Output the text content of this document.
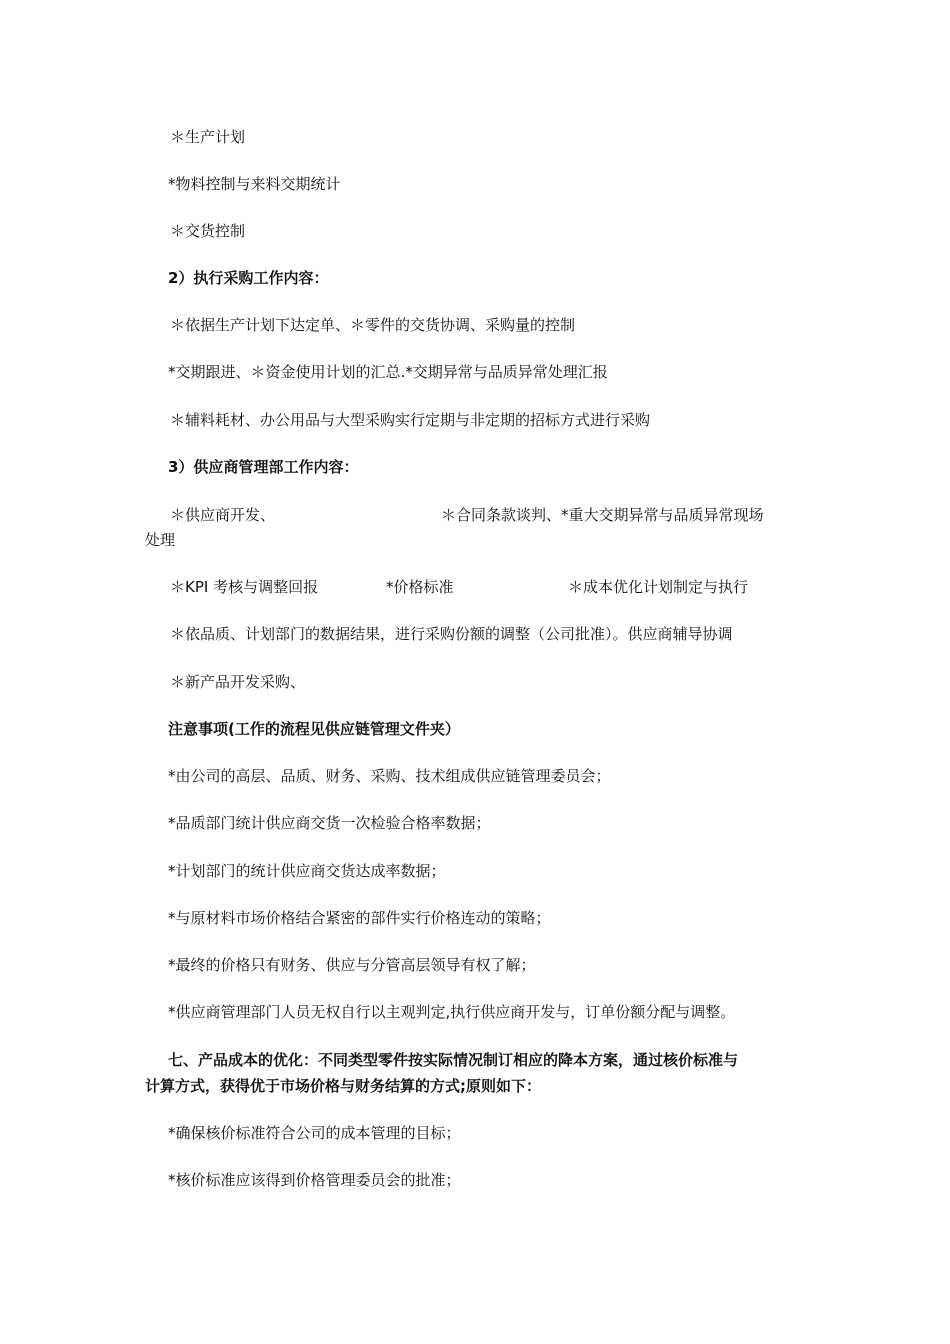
＊生产计划
*物料控制与来料交期统计
＊交货控制
2）执行采购工作内容：
＊依据生产计划下达定单、＊零件的交货协调、采购量的控制
*交期跟进、＊资金使用计划的汇总.*交期异常与品质异常处理汇报
＊辅料耗材、办公用品与大型采购实行定期与非定期的招标方式进行采购
3）供应商管理部工作内容：
＊供应商开发、	＊合同条款谈判、*重大交期异常与品质异常现场
处理
＊KPI 考核与调整回报	*价格标准	＊成本优化计划制定与执行
＊依品质、计划部门的数据结果，进行采购份额的调整（公司批准）。供应商辅导协调
＊新产品开发采购、
注意事项(工作的流程见供应链管理文件夹）
*由公司的高层、品质、财务、采购、技术组成供应链管理委员会；
*品质部门统计供应商交货一次检验合格率数据；
*计划部门的统计供应商交货达成率数据；
*与原材料市场价格结合紧密的部件实行价格连动的策略；
*最终的价格只有财务、供应与分管高层领导有权了解；
*供应商管理部门人员无权自行以主观判定,执行供应商开发与，订单份额分配与调整。
七、产品成本的优化：不同类型零件按实际情况制订相应的降本方案，通过核价标准与
计算方式，获得优于市场价格与财务结算的方式;原则如下：
*确保核价标准符合公司的成本管理的目标；
*核价标准应该得到价格管理委员会的批准；
